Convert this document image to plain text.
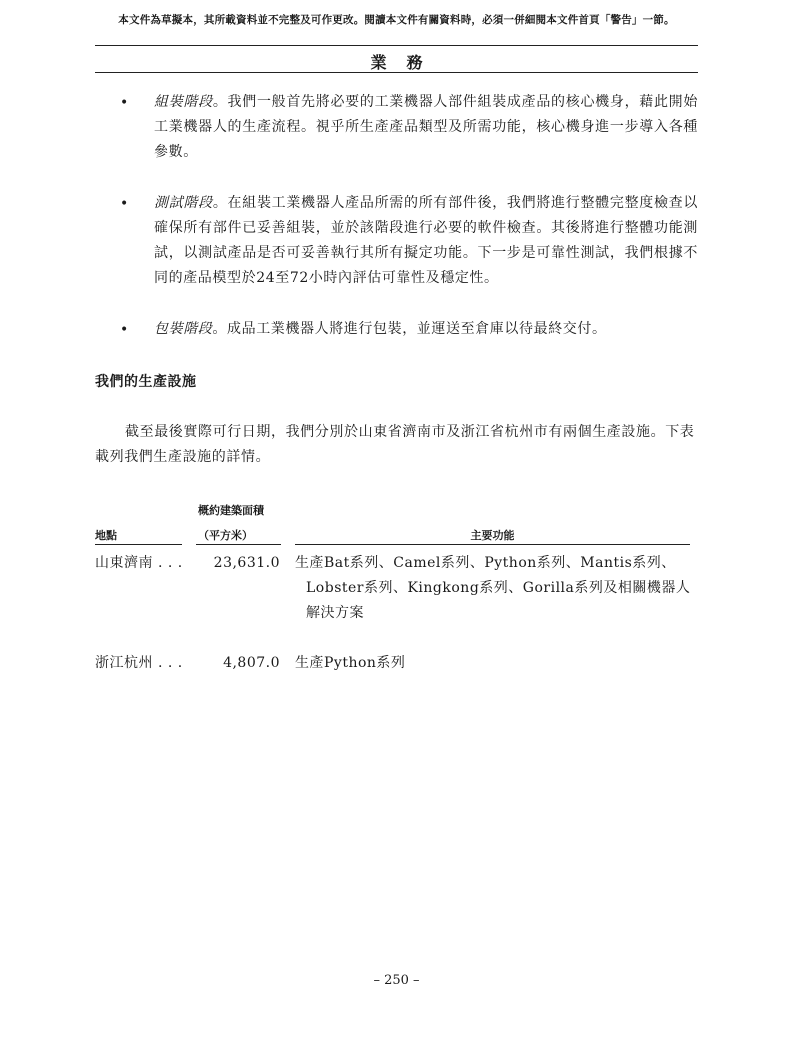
本文件為草擬本，其所載資料並不完整及可作更改。閱讀本文件有關資料時，必須一併細閱本文件首頁「警告」一節。
業務
• 組裝階段。我們一般首先將必要的工業機器人部件組裝成產品的核心機身，藉此開始工業機器人的生產流程。視乎所生產產品類型及所需功能，核心機身進一步導入各種參數。
• 測試階段。在組裝工業機器人產品所需的所有部件後，我們將進行整體完整度檢查以確保所有部件已妥善組裝，並於該階段進行必要的軟件檢查。其後將進行整體功能測試，以測試產品是否可妥善執行其所有擬定功能。下一步是可靠性測試，我們根據不同的產品模型於24至72小時內評估可靠性及穩定性。
• 包裝階段。成品工業機器人將進行包裝，並運送至倉庫以待最終交付。
我們的生產設施
截至最後實際可行日期，我們分別於山東省濟南市及浙江省杭州市有兩個生產設施。下表載列我們生產設施的詳情。
概約建築面積
地點	（平方米）	主要功能
山東濟南 . . .	23,631.0 生產Bat系列、Camel系列、Python系列、Mantis系列、Lobster系列、Kingkong系列、Gorilla系列及相關機器人解決方案
浙江杭州 . . .	4,807.0 生產Python系列
– 250 –
